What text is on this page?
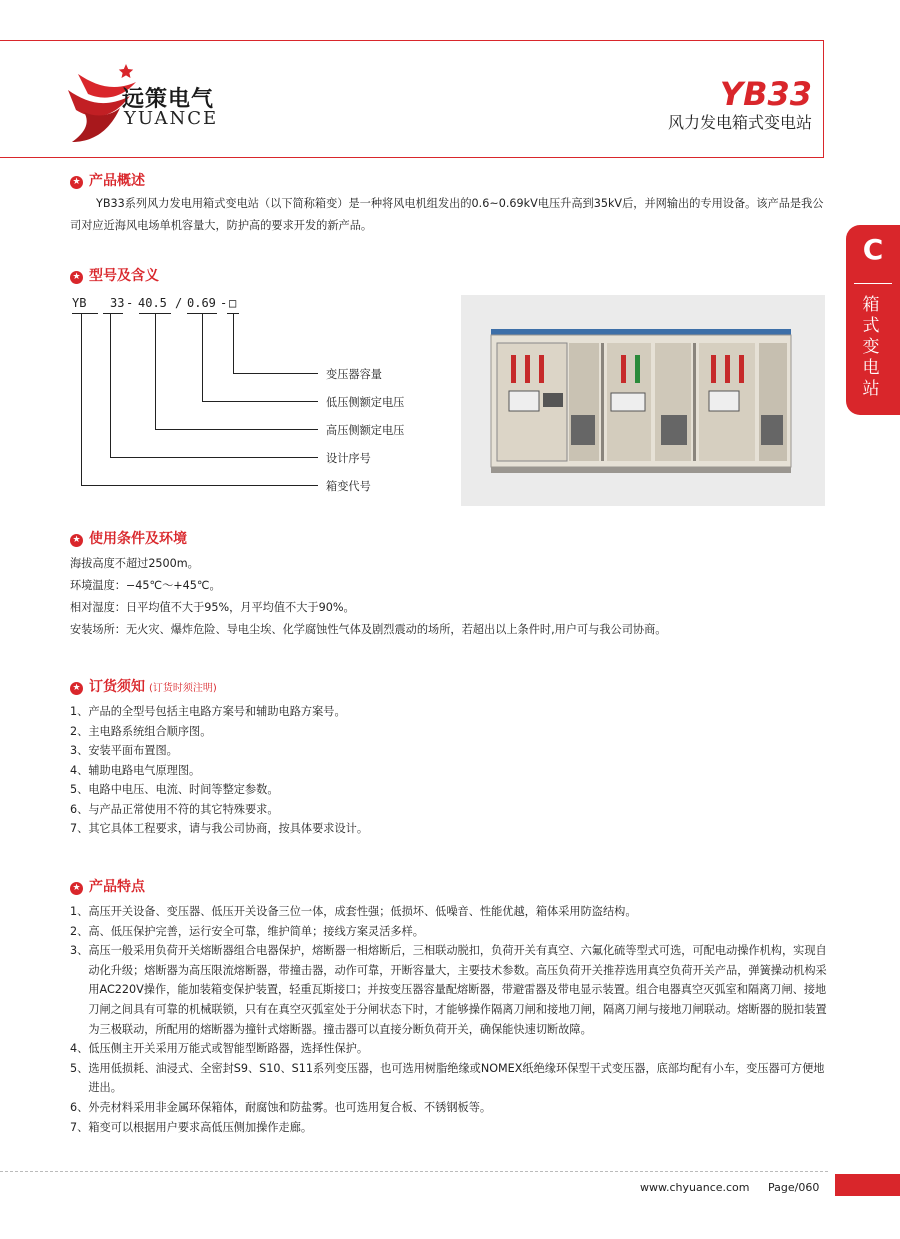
远策电气
YUANCE
YB33
风力发电箱式变电站
C
箱式变电站
★ 产品概述
YB33系列风力发电用箱式变电站（以下简称箱变）是一种将风电机组发出的0.6~0.69kV电压升高到35kV后，并网输出的专用设备。该产品是我公司对应近海风电场单机容量大，防护高的要求开发的新产品。
★ 型号及含义
YB	33 - 40.5 / 0.69 - □
变压器容量
低压侧额定电压
高压侧额定电压
设计序号
箱变代号
★ 使用条件及环境
海拔高度不超过2500m。
环境温度：−45℃～+45℃。
相对湿度：日平均值不大于95%，月平均值不大于90%。
安装场所：无火灾、爆炸危险、导电尘埃、化学腐蚀性气体及剧烈震动的场所，若超出以上条件时,用户可与我公司协商。
★ 订货须知 (订货时须注明)
1、 产品的全型号包括主电路方案号和辅助电路方案号。
2、 主电路系统组合顺序图。
3、 安装平面布置图。
4、 辅助电路电气原理图。
5、 电路中电压、电流、时间等整定参数。
6、 与产品正常使用不符的其它特殊要求。
7、 其它具体工程要求，请与我公司协商，按具体要求设计。
★ 产品特点
1、 高压开关设备、变压器、低压开关设备三位一体，成套性强；低损坏、低噪音、性能优越，箱体采用防盗结构。
2、 高、低压保护完善，运行安全可靠，维护简单；接线方案灵活多样。
3、 高压一般采用负荷开关熔断器组合电器保护，熔断器一相熔断后，三相联动脱扣，负荷开关有真空、六氟化硫等型式可选，可配电动操作机构，实现自动化升级；熔断器为高压限流熔断器，带撞击器，动作可靠，开断容量大，主要技术参数。高压负荷开关推荐选用真空负荷开关产品，弹簧操动机构采用AC220V操作，能加装箱变保护装置，轻重瓦斯接口；并按变压器容量配熔断器，带避雷器及带电显示装置。组合电器真空灭弧室和隔离刀闸、接地刀闸之间具有可靠的机械联锁，只有在真空灭弧室处于分闸状态下时，才能够操作隔离刀闸和接地刀闸，隔离刀闸与接地刀闸联动。熔断器的脱扣装置为三极联动，所配用的熔断器为撞针式熔断器。撞击器可以直接分断负荷开关，确保能快速切断故障。
4、 低压侧主开关采用万能式或智能型断路器，选择性保护。
5、 选用低损耗、油浸式、全密封S9、S10、S11系列变压器，也可选用树脂绝缘或NOMEX纸绝缘环保型干式变压器，底部均配有小车，变压器可方便地进出。
6、 外壳材料采用非金属环保箱体，耐腐蚀和防盐雾。也可选用复合板、不锈钢板等。
7、 箱变可以根据用户要求高低压侧加操作走廊。
www.chyuance.com Page/060
